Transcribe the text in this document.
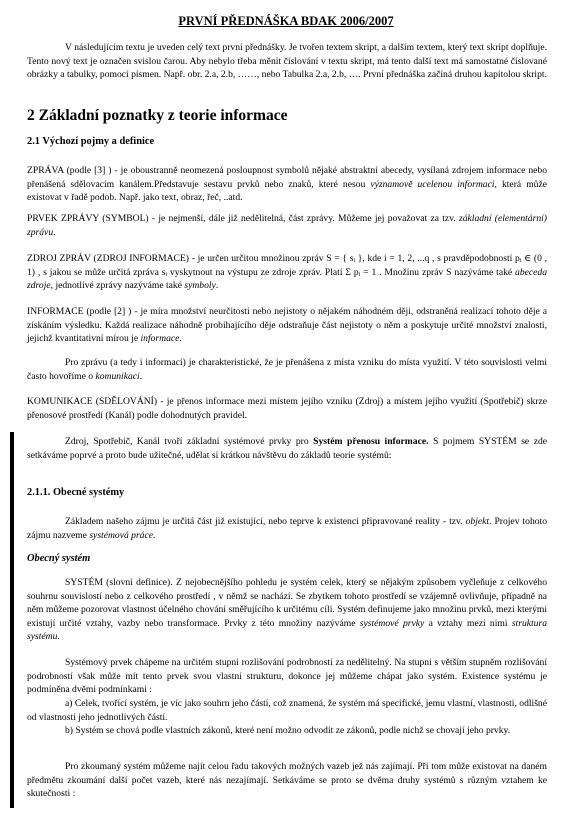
PRVNÍ PŘEDNÁŠKA BDAK 2006/2007

V následujícím textu je uveden celý text první přednášky. Je tvořen textem skript, a dalším textem, který text skript doplňuje. Tento nový text je označen svislou čarou. Aby nebylo třeba měnit číslování v textu skript, má tento další text má samostatné číslované obrázky a tabulky, pomocí písmen. Např. obr. 2.a, 2.b, ……, nebo Tabulka 2.a, 2.b, …. První přednáška začíná druhou kapitolou skript.

2 Základní poznatky z teorie informace
2.1 Výchozí pojmy a definice

ZPRÁVA (podle [3] ) - je oboustranně neomezená posloupnost symbolů nějaké abstraktní abecedy, vysílaná zdrojem informace nebo přenášená sdělovacím kanálem.Představuje sestavu prvků nebo znaků, které nesou významově ucelenou informaci, která může existovat v řadě podob. Např. jako text, obraz, řeč, ..atd.

PRVEK ZPRÁVY (SYMBOL) - je nejmenší, dále již nedělitelná, část zprávy. Můžeme jej považovat za tzv. základní (elementární) zprávu.

ZDROJ ZPRÁV (ZDROJ INFORMACE) - je určen určitou množinou zpráv S = { sᵢ }, kde i = 1, 2, ...q , s pravděpodobností pᵢ ∈ (0 , 1) , s jakou se může určitá zpráva sᵢ vyskytnout na výstupu ze zdroje zpráv. Platí Σ pᵢ = 1 . Množinu zpráv S nazýváme také abeceda zdroje, jednotlivé zprávy nazýváme také symboly.

INFORMACE (podle [2] ) - je míra množství neurčitosti nebo nejistoty o nějakém náhodném ději, odstraněná realizací tohoto děje a získáním výsledku. Každá realizace náhodně probíhajícího děje odstraňuje část nejistoty o něm a poskytuje určité množství znalosti, jejichž kvantitativní mírou je informace.

Pro zprávu (a tedy i informaci) je charakteristické, že je přenášena z místa vzniku do místa využití. V této souvislosti velmi často hovoříme o komunikaci.

KOMUNIKACE (SDĚLOVÁNÍ) - je přenos informace mezi místem jejího vzniku (Zdroj) a místem jejího využití (Spotřebič) skrze přenosové prostředí (Kanál) podle dohodnutých pravidel.

Zdroj, Spotřebič, Kanál tvoří základní systémové prvky pro Systém přenosu informace. S pojmem SYSTÉM se zde setkáváme poprvé a proto bude užitečné, udělat si krátkou návštěvu do základů teorie systémů:

2.1.1. Obecné systémy

Základem našeho zájmu je určitá část již existující, nebo teprve k existenci připravované reality - tzv. objekt. Projev tohoto zájmu nazveme systémová práce.

Obecný systém

SYSTÉM (slovní definice). Z nejobecnějšího pohledu je systém celek, který se nějakým způsobem vyčleňuje z celkového souhrnu souvislostí nebo z celkového prostředí , v němž se nachází. Se zbytkem tohoto prostředí se vzájemně ovlivňuje, případně na něm můžeme pozorovat vlastnost účelného chování směřujícího k určitému cíli. Systém definujeme jako množinu prvků, mezi kterými existují určité vztahy, vazby nebo transformace. Prvky z této množiny nazýváme systémové prvky a vztahy mezi nimi struktura systému.

Systémový prvek chápeme na určitém stupni rozlišování podrobností za nedělitelný. Na stupni s větším stupněm rozlišování podrobností však může mít tento prvek svou vlastní strukturu, dokonce jej můžeme chápat jako systém. Existence systému je podmíněna dvěmi podmínkami :

a) Celek, tvořící systém, je víc jako souhrn jeho částí, což znamená, že systém má specifické, jemu vlastní, vlastnosti, odlišné od vlastností jeho jednotlivých částí.

b) Systém se chová podle vlastních zákonů, které není možno odvodit ze zákonů, podle nichž se chovají jeho prvky.

Pro zkoumaný systém můžeme najít celou řadu takových možných vazeb jež nás zajímají. Při tom může existovat na daném předmětu zkoumání další počet vazeb, které nás nezajímají. Setkáváme se proto se dvěma druhy systémů s různým vztahem ke skutečnosti :
